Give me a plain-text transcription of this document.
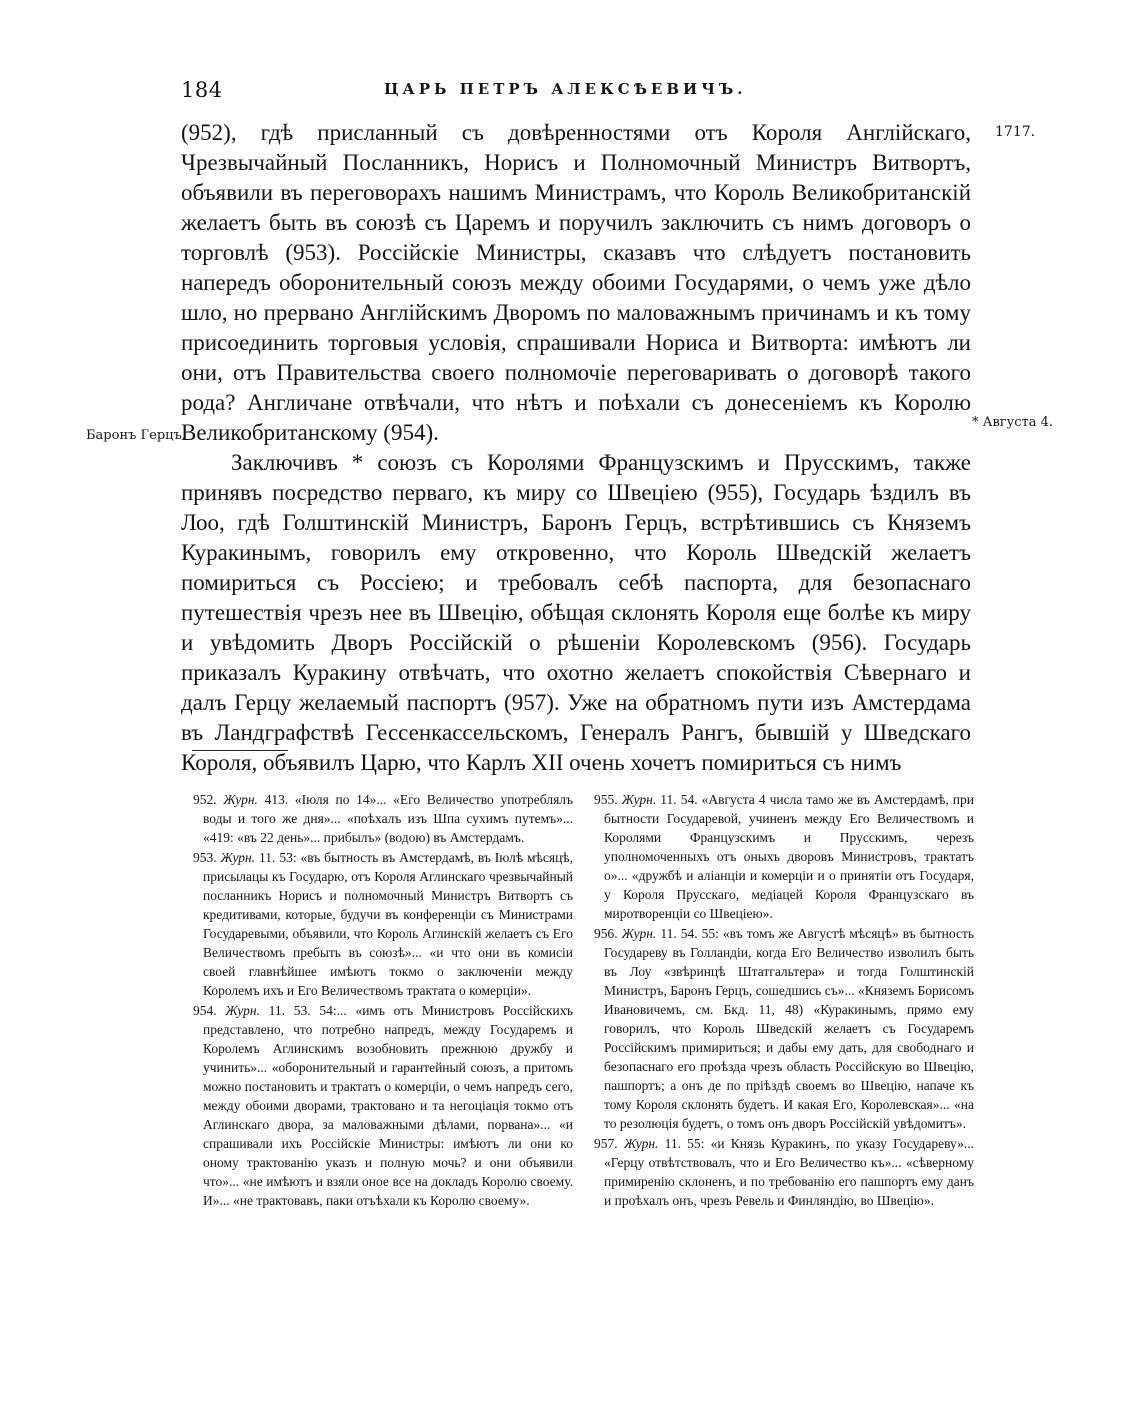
184	ЦАРЬ ПЕТРЪ АЛЕКСѢЕВИЧЪ.
1717.
Баронъ Герцъ.
* Августа 4.

(952), гдѣ присланный съ довѣренностями отъ Короля Англійскаго, Чрезвычайный Посланникъ, Норисъ и Полномочный Министръ Витвортъ, объявили въ переговорахъ нашимъ Министрамъ, что Король Великобританскій желаетъ быть въ союзѣ съ Царемъ и поручилъ заключить съ нимъ договоръ о торговлѣ (953). Россійскіе Министры, сказавъ что слѣдуетъ постановить напередъ оборонительный союзъ между обоими Государями, о чемъ уже дѣло шло, но прервано Англійскимъ Дворомъ по маловажнымъ причинамъ и къ тому присоединить торговыя условія, спрашивали Нориса и Витворта: имѣютъ ли они, отъ Правительства своего полномочіе переговаривать о договорѣ такого рода? Англичане отвѣчали, что нѣтъ и поѣхали съ донесеніемъ къ Королю Великобританскому (954).

Заключивъ * союзъ съ Королями Французскимъ и Прусскимъ, также принявъ посредство перваго, къ миру со Швеціею (955), Государь ѣздилъ въ Лоо, гдѣ Голштинскій Министръ, Баронъ Герцъ, встрѣтившись съ Княземъ Куракинымъ, говорилъ ему откровенно, что Король Шведскій желаетъ помириться съ Россіею; и требовалъ себѣ паспорта, для безопаснаго путешествія чрезъ нее въ Швецію, обѣщая склонять Короля еще болѣе къ миру и увѣдомить Дворъ Россійскій о рѣшеніи Королевскомъ (956). Государь приказалъ Куракину отвѣчать, что охотно желаетъ спокойствія Сѣвернаго и далъ Герцу желаемый паспортъ (957). Уже на обратномъ пути изъ Амстердама въ Ландграфствѣ Гессенкассельскомъ, Генералъ Рангъ, бывшій у Шведскаго Короля, объявилъ Царю, что Карлъ XII очень хочетъ помириться съ нимъ

952. Журн. 413. «Іюля по 14»... «Его Величество употреблялъ воды и того же дня»... «поѣхалъ изъ Шпа сухимъ путемъ»... «419: «въ 22 день»... прибылъ» (водою) въ Амстердамъ.

953. Журн. 11. 53: «въ бытность въ Амстердамѣ, въ Іюлѣ мѣсяцѣ, присылацы къ Государю, отъ Короля Аглинскаго чрезвычайный посланникъ Норисъ и полномочный Министръ Витвортъ съ кредитивами, которые, будучи въ конференціи съ Министрами Государевыми, объявили, что Король Аглинскій желаетъ съ Его Величествомъ пребыть въ союзѣ»... «и что они въ комисіи своей главнѣйшее имѣютъ токмо о заключеніи между Королемъ ихъ и Его Величествомъ трактата о комерціи».

954. Журн. 11. 53. 54:... «имъ отъ Министровъ Россійскихъ представлено, что потребно напредъ, между Государемъ и Королемъ Аглинскимъ возобновить прежнюю дружбу и учинить»... «оборонительный и гарантейный союзъ, а притомъ можно постановить и трактатъ о комерціи, о чемъ напредъ сего, между обоими дворами, трактовано и та негоціація токмо отъ Аглинскаго двора, за маловажными дѣлами, порвана»... «и спрашивали ихъ Россійскіе Министры: имѣютъ ли они ко оному трактованію указъ и полную мочь? и они объявили что»... «не имѣютъ и взяли оное все на докладъ Королю своему. И»... «не трактовавъ, паки отъѣхали къ Королю своему».

955. Журн. 11. 54. «Августа 4 числа тамо же въ Амстердамѣ, при бытности Государевой, учиненъ между Его Величествомъ и Королями Французскимъ и Прусскимъ, черезъ уполномоченныхъ отъ оныхъ дворовъ Министровъ, трактатъ о»... «дружбѣ и аліанціи и комерціи и о принятіи отъ Государя, у Короля Прусскаго, медіацей Короля Французскаго въ миротворенціи со Швеціею».

956. Журн. 11. 54. 55: «въ томъ же Августѣ мѣсяцѣ» въ бытность Государеву въ Голландіи, когда Его Величество изволилъ быть въ Лоу «звѣринцѣ Штатгальтера» и тогда Голштинскій Министръ, Баронъ Герцъ, сошедшись съ»... «Княземъ Борисомъ Ивановичемъ, см. Бкд. 11, 48) «Куракинымъ, прямо ему говорилъ, что Король Шведскій желаетъ съ Государемъ Россійскимъ примириться; и дабы ему дать, для свободнаго и безопаснаго его проѣзда чрезъ область Россійскую во Швецію, пашпортъ; а онъ де по пріѣздѣ своемъ во Швецію, напаче къ тому Короля склонять будетъ. И какая Его, Королевская»... «на то резолюція будетъ, о томъ онъ дворъ Россійскій увѣдомитъ».

957. Журн. 11. 55: «и Князь Куракинъ, по указу Государеву»... «Герцу отвѣтствовалъ, что и Его Величество къ»... «сѣверному примиренію склоненъ, и по требованію его пашпортъ ему данъ и проѣхалъ онъ, чрезъ Ревель и Финляндію, во Швецію».
